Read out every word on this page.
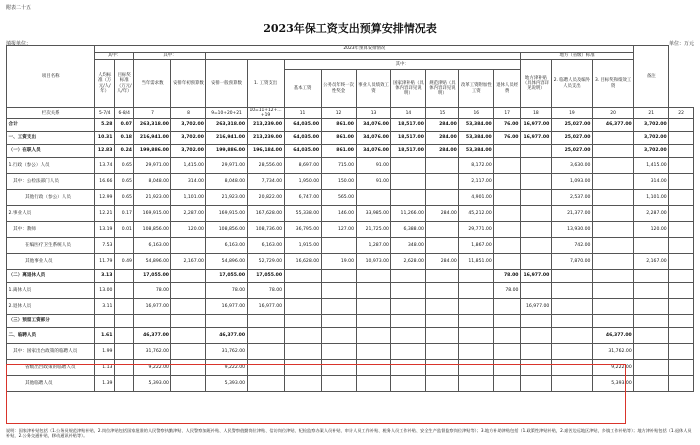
附表二十五
2023年保工资支出预算安排情况表
填报单位：	单位：万元
项目名称	2023年预算安排情况																备注	
	其中：		其中：											地方（省级）标准				
	人均标准（万元/人/年）	目标奖标准（万元/人/年）	当年需求数	安排年初预算数	安排一般预算数	1. 工资支出	其中：							地方津补贴（具体内容详见说明）	2. 临聘人员及编外人员支出	3. 目标奖和绩效工资		
							基本工资	公务员年终一次性奖金	事业人员绩效工资	国家津补贴（具体内容详见说明）	规范津贴（具体内容详见说明）	改革工资附加性工资	退休人员经费					
栏次关系	5-7/4	6-8/4	7	8	9=10+20+21	10=11+12+…+19	11	12	13	14	15	16	17	18	19	20	21	22
合计	5.28	0.07	263,318.00	3,702.00	263,318.00	213,239.00	64,035.00	861.00	34,076.00	18,517.00	284.00	53,384.00	76.00	16,977.00	25,027.00	46,377.00	3,702.00	
一、工资支出	10.31	0.18	216,941.00	3,702.00	216,941.00	213,239.00	64,035.00	861.00	34,076.00	18,517.00	284.00	53,384.00	76.00	16,977.00	25,027.00		3,702.00	
（一）在职人员	12.83	0.24	199,886.00	3,702.00	199,886.00	196,184.00	64,035.00	861.00	34,076.00	18,517.00	284.00	53,384.00			25,027.00		3,702.00	
1.行政（参公）人员	13.74	0.65	29,971.00	1,415.00	29,971.00	28,556.00	8,697.00	715.00	91.00			8,172.00			3,630.00		1,415.00	
其中：公检法部门人员	16.66	0.65	8,048.00	314.00	8,048.00	7,734.00	1,950.00	150.00	91.00			2,117.00			1,093.00		314.00	
其他行政（参公）人员	12.99	0.65	21,923.00	1,101.00	21,923.00	20,822.00	6,747.00	565.00				4,901.00			2,537.00		1,101.00	
2.事业人员	12.21	0.17	169,915.00	2,287.00	169,915.00	167,628.00	55,338.00	146.00	33,985.00	11,266.00	284.00	45,212.00			21,377.00		2,287.00	
其中：教师	13.19	0.01	108,856.00	120.00	108,856.00	108,736.00	36,795.00	127.00	21,725.00	6,388.00		29,771.00			13,930.00		120.00	
在编医疗卫生系统人员	7.53		6,163.00		6,163.00	6,163.00	1,915.00		1,287.00	348.00		1,867.00			742.00			
其他事业人员	11.79	0.49	54,896.00	2,167.00	54,896.00	52,729.00	16,628.00	19.00	10,973.00	2,628.00	284.00	11,851.00			7,870.00		2,167.00	
（二）离退休人员	3.13		17,055.00		17,055.00	17,055.00							78.00	16,977.00				
1.离休人员	13.00		78.00		78.00	78.00							78.00					
2.退休人员	3.11		16,977.00		16,977.00	16,977.00								16,977.00				
（三）预留工资部分																		
二、临聘人员	1.61		46,377.00		46,377.00											46,377.00		
其中：国家出台政策的临聘人员	1.99		31,762.00		31,762.00											31,762.00		
省级出台政策的临聘人员	1.13		9,222.00		9,222.00											9,222.00		
其他临聘人员	1.39		5,393.00		5,393.00											5,393.00		
说明：国家津补贴包括（1.公务员规范津贴补贴，2.岗位津贴包括国家批准的人民警察执勤津贴、人民警察加班补贴、人民警察值勤岗位津贴、信访岗位津贴、纪检监察办案人员补贴、审计人员工作补贴、税务人员工作补贴、安全生产监督监察岗位津贴等）；3.地方补助津贴包括（1.政策性津贴补贴，2.艰苦边远地区津贴，乡镇工作补贴等）；地方津补贴包括（1.退休人员补贴，2.公务交通补贴，移动通讯补贴等）。
